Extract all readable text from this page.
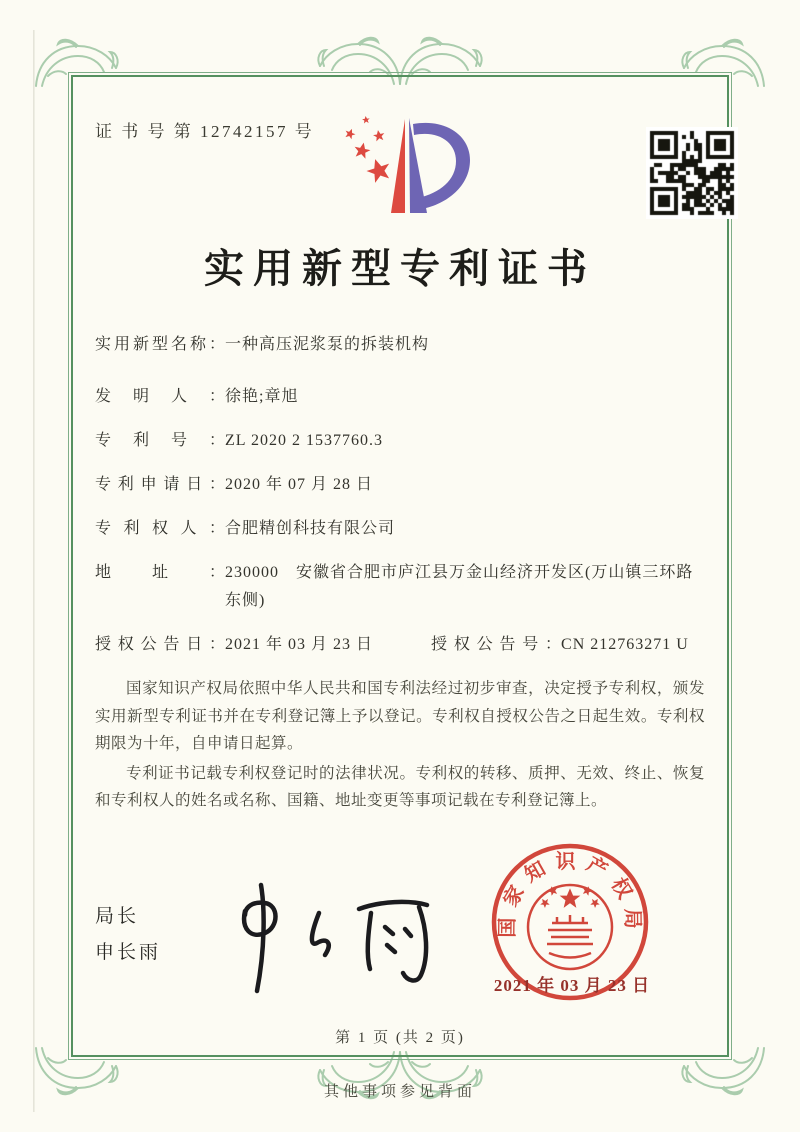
证 书 号 第 12742157 号
实用新型专利证书
实用新型名称： 一种高压泥浆泵的拆装机构
发明人： 徐艳;章旭
专利号： ZL 2020 2 1537760.3
专利申请日： 2020 年 07 月 28 日
专利权人： 合肥精创科技有限公司
地址： 230000　安徽省合肥市庐江县万金山经济开发区(万山镇三环路东侧)
授权公告日： 2021 年 03 月 23 日	授权公告号： CN 212763271 U

国家知识产权局依照中华人民共和国专利法经过初步审查，决定授予专利权，颁发实用新型专利证书并在专利登记簿上予以登记。专利权自授权公告之日起生效。专利权期限为十年，自申请日起算。

专利证书记载专利权登记时的法律状况。专利权的转移、质押、无效、终止、恢复和专利权人的姓名或名称、国籍、地址变更等事项记载在专利登记簿上。

局长
申长雨
国家知识产权局
2021 年 03 月 23 日
第 1 页 (共 2 页)
其他事项参见背面
